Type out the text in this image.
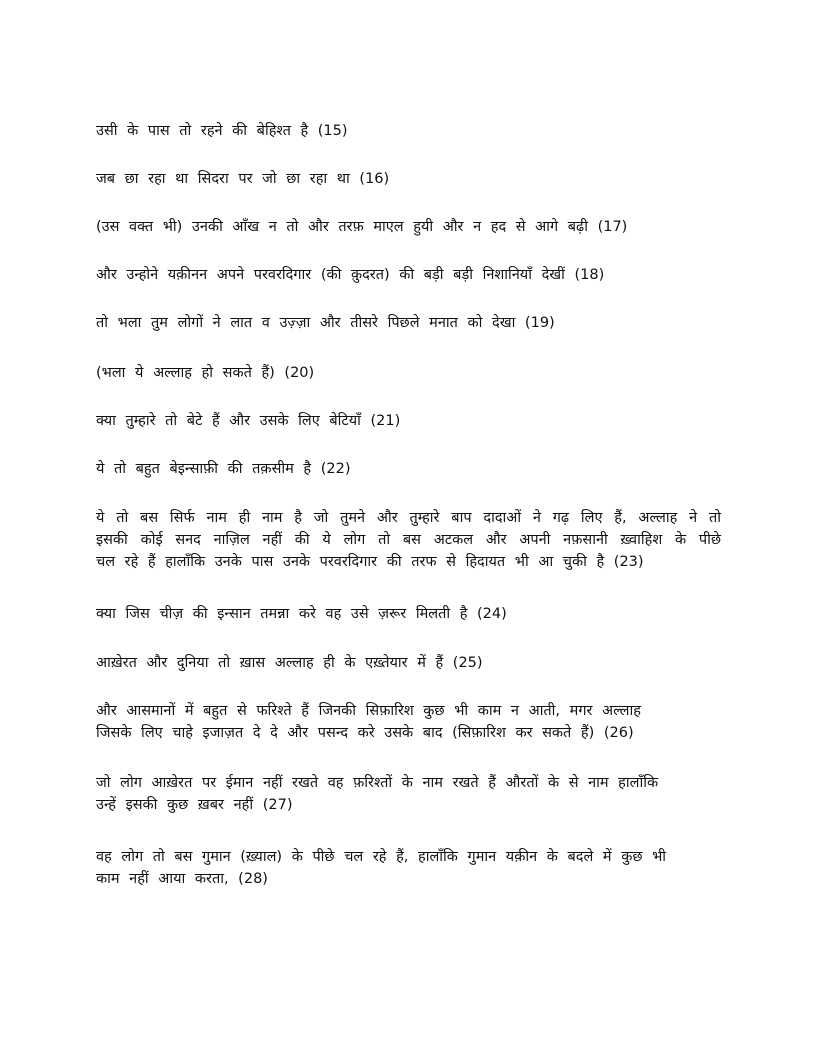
उसी के पास तो रहने की बेहिश्त है (15)

जब छा रहा था सिदरा पर जो छा रहा था (16)

(उस वक्त भी) उनकी आँख न तो और तरफ़ माएल हुयी और न हद से आगे बढ़ी (17)

और उन्होने यक़ीनन अपने परवरदिगार (की क़ुदरत) की बड़ी बड़ी निशानियाँ देखीं (18)

तो भला तुम लोगों ने लात व उज़्ज़ा और तीसरे पिछले मनात को देखा (19)

(भला ये अल्लाह हो सकते हैं) (20)

क्या तुम्हारे तो बेटे हैं और उसके लिए बेटियाँ (21)

ये तो बहुत बेइन्साफ़ी की तक़सीम है (22)

ये तो बस सिर्फ नाम ही नाम है जो तुमने और तुम्हारे बाप दादाओं ने गढ़ लिए हैं, अल्लाह ने तो
इसकी कोई सनद नाज़िल नहीं की ये लोग तो बस अटकल और अपनी नफ़सानी ख़्वाहिश के पीछे
चल रहे हैं हालाँकि उनके पास उनके परवरदिगार की तरफ से हिदायत भी आ चुकी है (23)

क्या जिस चीज़ की इन्सान तमन्ना करे वह उसे ज़रूर मिलती है (24)

आख़ेरत और दुनिया तो ख़ास अल्लाह ही के एख़्तेयार में हैं (25)

और आसमानों में बहुत से फरिश्ते हैं जिनकी सिफ़ारिश कुछ भी काम न आती, मगर अल्लाह
जिसके लिए चाहे इजाज़त दे दे और पसन्द करे उसके बाद (सिफ़ारिश कर सकते हैं) (26)

जो लोग आख़ेरत पर ईमान नहीं रखते वह फ़रिश्तों के नाम रखते हैं औरतों के से नाम हालाँकि
उन्हें इसकी कुछ ख़बर नहीं (27)

वह लोग तो बस गुमान (ख़्याल) के पीछे चल रहे हैं, हालाँकि गुमान यक़ीन के बदले में कुछ भी
काम नहीं आया करता, (28)
